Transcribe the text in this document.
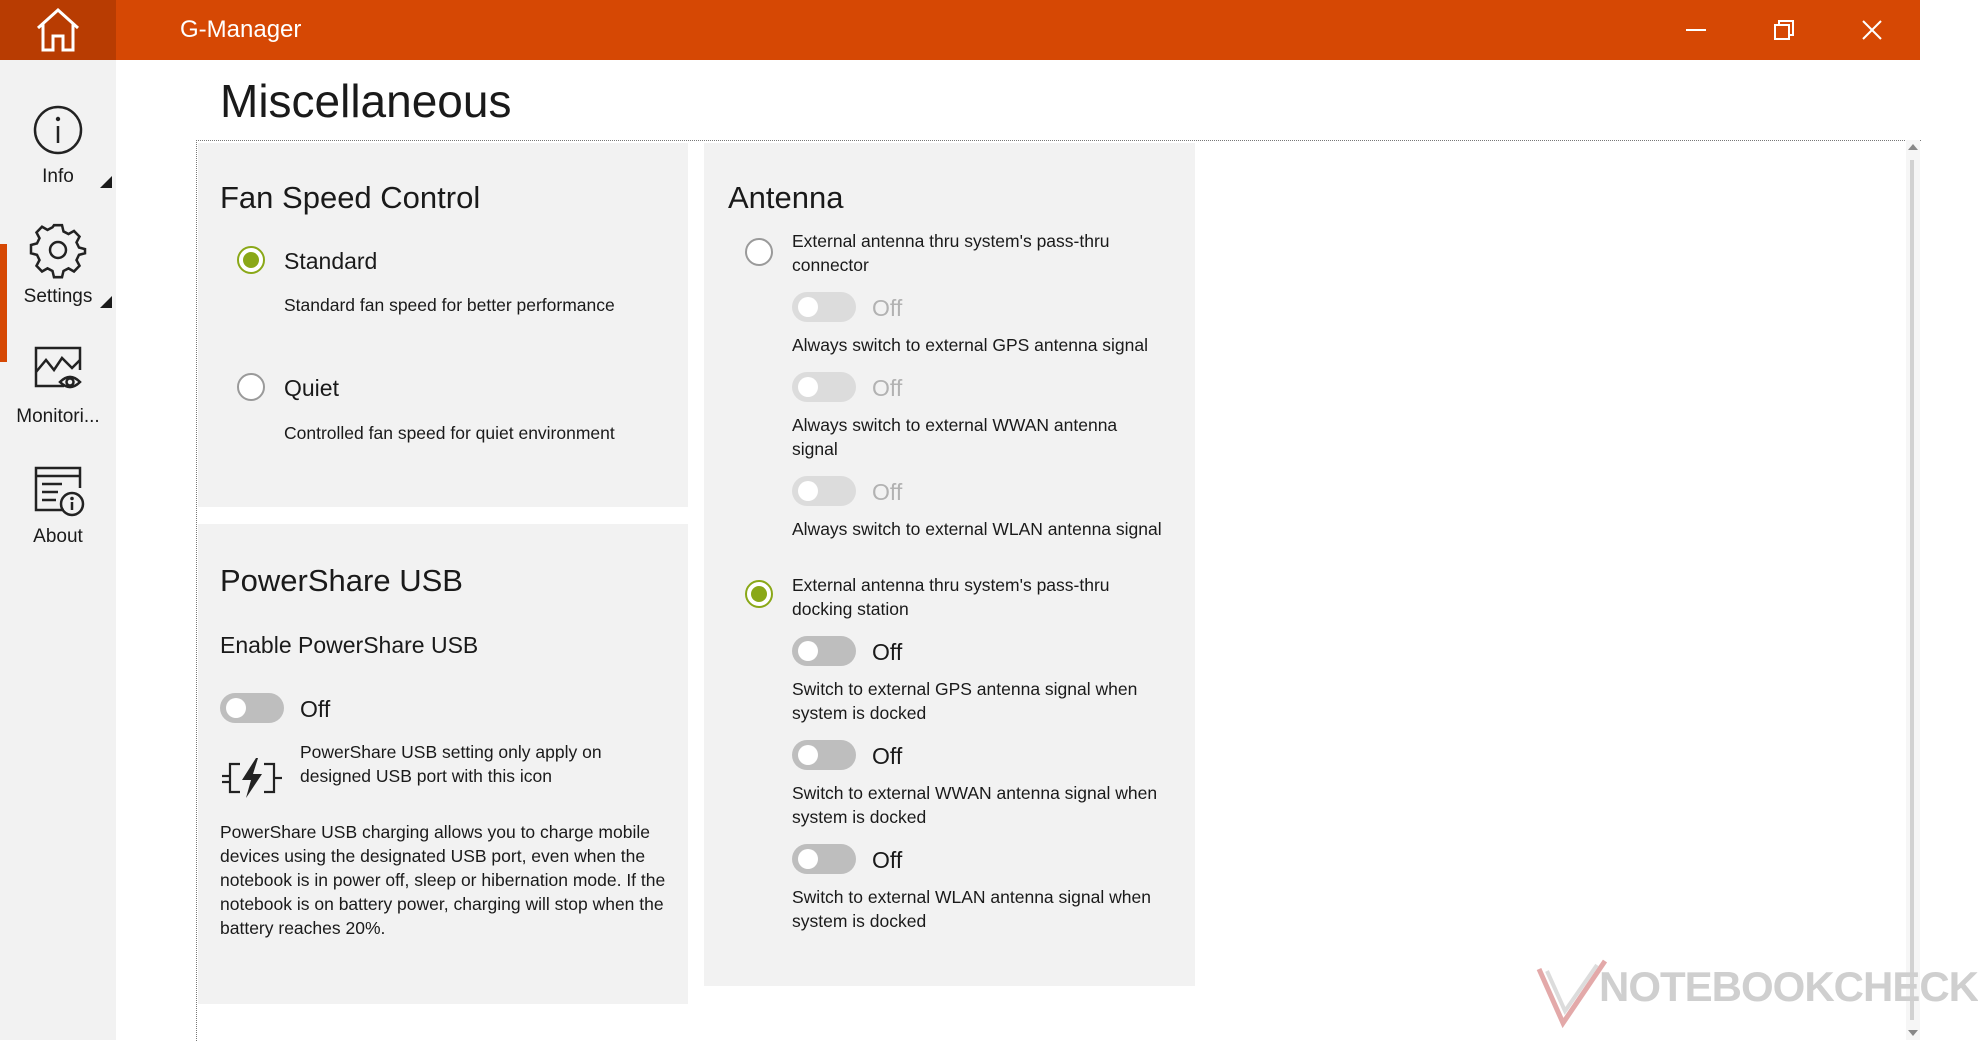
G-Manager
Info
Settings
Monitori...
About
Miscellaneous
Fan Speed Control
Standard
Standard fan speed for better performance
Quiet
Controlled fan speed for quiet environment
PowerShare USB
Enable PowerShare USB
Off
PowerShare USB setting only apply on designed USB port with this icon
PowerShare USB charging allows you to charge mobile devices using the designated USB port, even when the notebook is in power off, sleep or hibernation mode. If the notebook is on battery power, charging will stop when the battery reaches 20%.
Antenna
External antenna thru system's pass-thru connector
Off
Always switch to external GPS antenna signal
Off
Always switch to external WWAN antenna signal
Off
Always switch to external WLAN antenna signal
External antenna thru system's pass-thru docking station
Off
Switch to external GPS antenna signal when system is docked
Off
Switch to external WWAN antenna signal when system is docked
Off
Switch to external WLAN antenna signal when system is docked
NOTEBOOKCHECK
